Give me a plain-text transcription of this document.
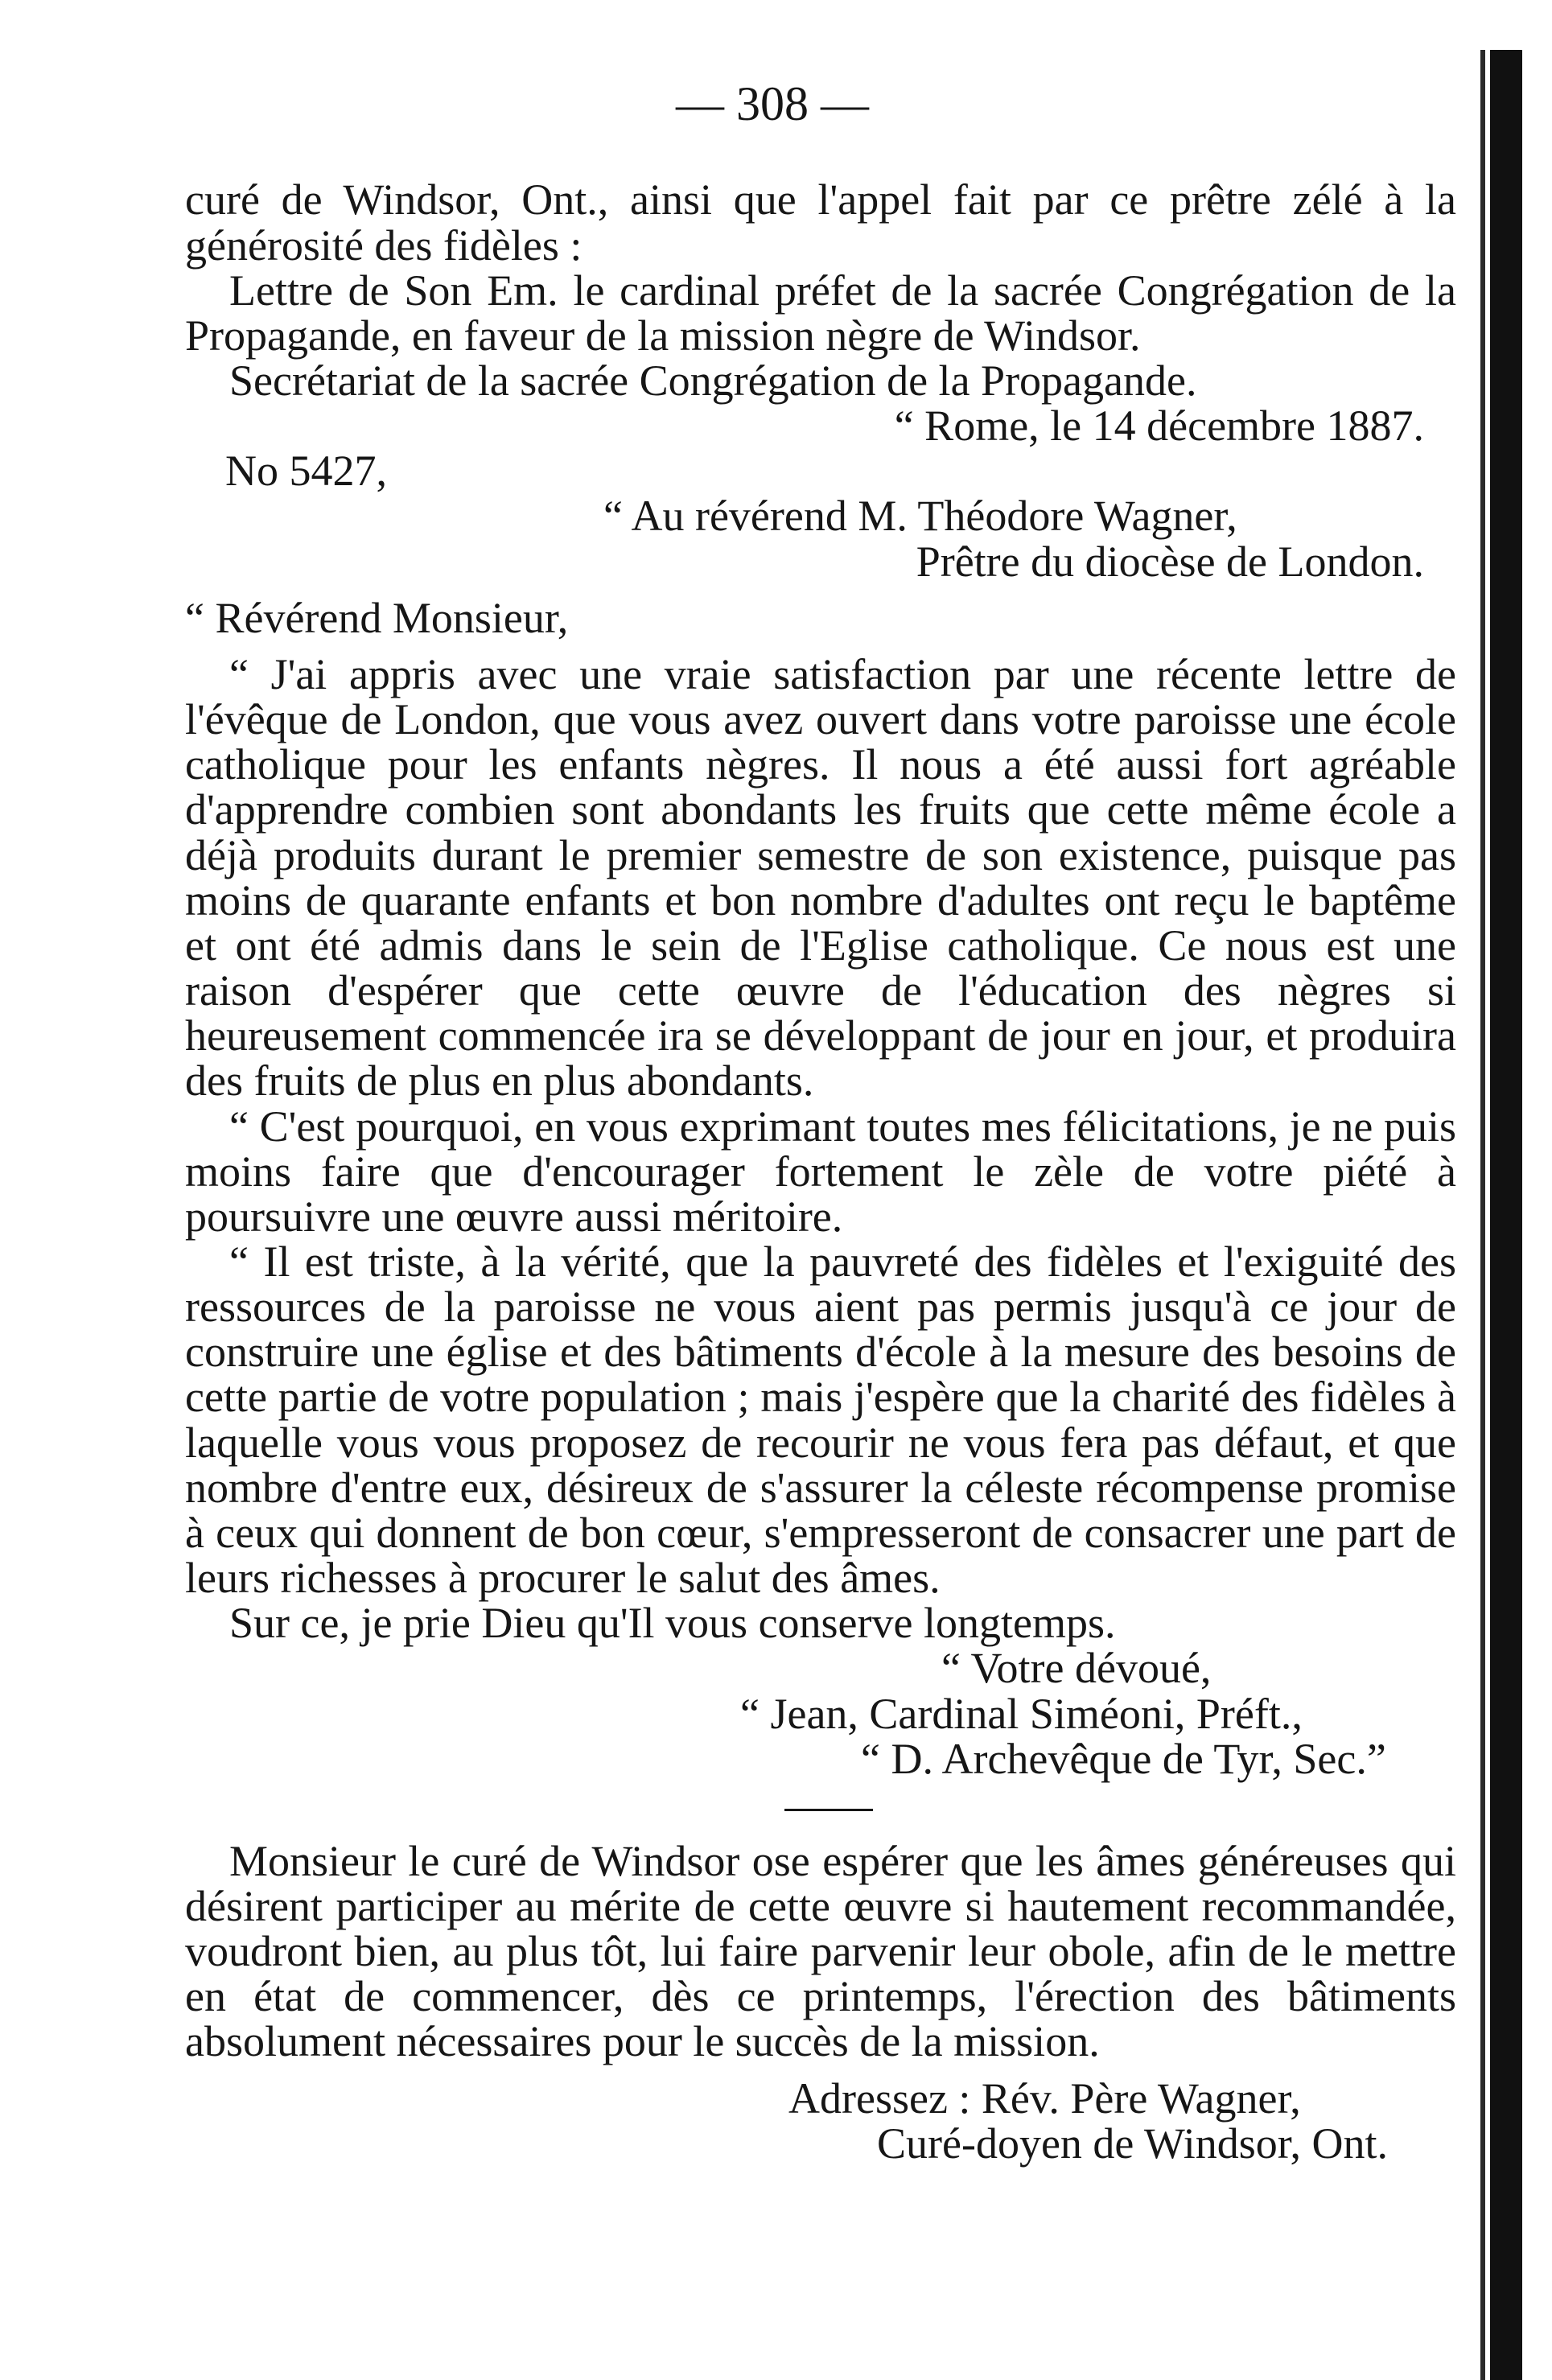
— 308 —

curé de Windsor, Ont., ainsi que l'appel fait par ce prêtre zélé à la générosité des fidèles :

Lettre de Son Em. le cardinal préfet de la sacrée Congrégation de la Propagande, en faveur de la mission nègre de Windsor.

Secrétariat de la sacrée Congrégation de la Propagande.

“ Rome, le 14 décembre 1887.

No 5427,

“ Au révérend M. Théodore Wagner,

Prêtre du diocèse de London.

“ Révérend Monsieur,

“ J'ai appris avec une vraie satisfaction par une récente lettre de l'évêque de London, que vous avez ouvert dans votre paroisse une école catholique pour les enfants nègres. Il nous a été aussi fort agréable d'apprendre combien sont abondants les fruits que cette même école a déjà produits durant le premier semestre de son existence, puisque pas moins de quarante enfants et bon nombre d'adultes ont reçu le baptême et ont été admis dans le sein de l'Eglise catholique. Ce nous est une raison d'espérer que cette œuvre de l'éducation des nègres si heureusement commencée ira se développant de jour en jour, et produira des fruits de plus en plus abondants.

“ C'est pourquoi, en vous exprimant toutes mes félicitations, je ne puis moins faire que d'encourager fortement le zèle de votre piété à poursuivre une œuvre aussi méritoire.

“ Il est triste, à la vérité, que la pauvreté des fidèles et l'exiguité des ressources de la paroisse ne vous aient pas permis jusqu'à ce jour de construire une église et des bâtiments d'école à la mesure des besoins de cette partie de votre population ; mais j'espère que la charité des fidèles à laquelle vous vous proposez de recourir ne vous fera pas défaut, et que nombre d'entre eux, désireux de s'assurer la céleste récompense promise à ceux qui donnent de bon cœur, s'empresseront de consacrer une part de leurs richesses à procurer le salut des âmes.

Sur ce, je prie Dieu qu'Il vous conserve longtemps.

“ Votre dévoué,

“ Jean, Cardinal Siméoni, Préft.,

“ D. Archevêque de Tyr, Sec.”

Monsieur le curé de Windsor ose espérer que les âmes généreuses qui désirent participer au mérite de cette œuvre si hautement recommandée, voudront bien, au plus tôt, lui faire parvenir leur obole, afin de le mettre en état de commencer, dès ce printemps, l'érection des bâtiments absolument nécessaires pour le succès de la mission.

Adressez : Rév. Père Wagner,

Curé-doyen de Windsor, Ont.
